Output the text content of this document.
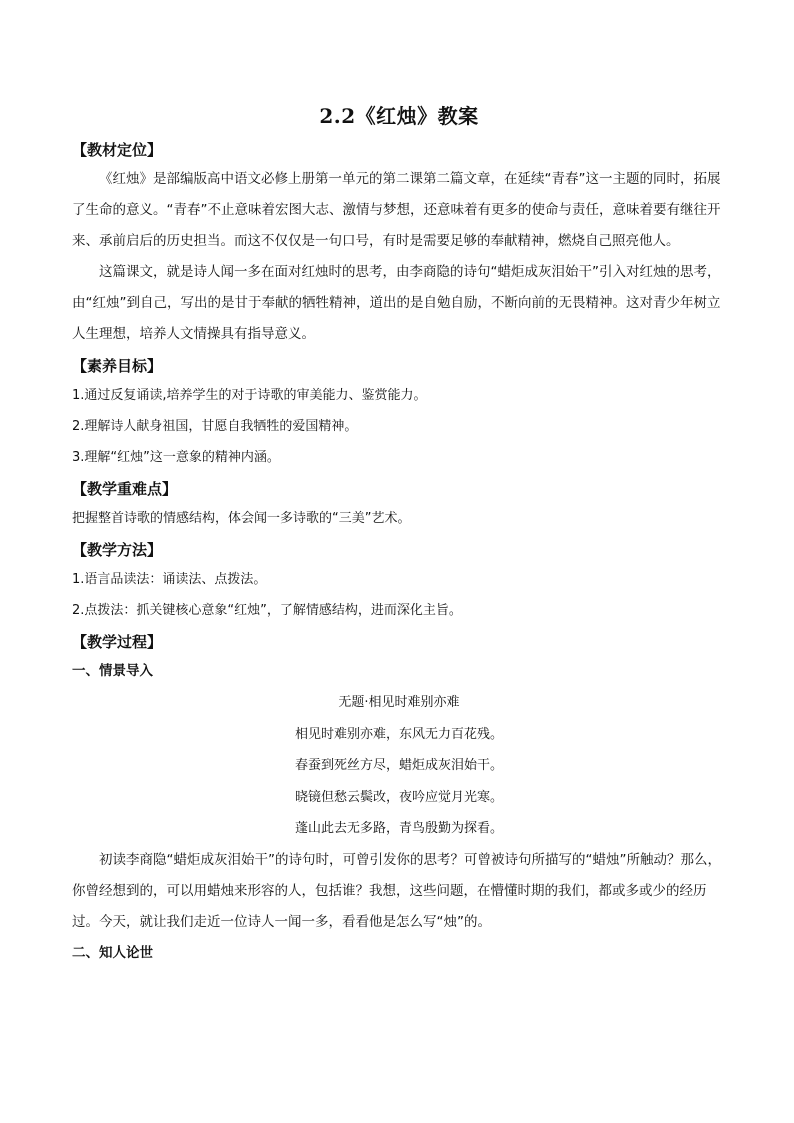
2.2《红烛》教案
【教材定位】

《红烛》是部编版高中语文必修上册第一单元的第二课第二篇文章，在延续“青春”这一主题的同时，拓展了生命的意义。“青春”不止意味着宏图大志、激情与梦想，还意味着有更多的使命与责任，意味着要有继往开来、承前启后的历史担当。而这不仅仅是一句口号，有时是需要足够的奉献精神，燃烧自己照亮他人。

这篇课文，就是诗人闻一多在面对红烛时的思考，由李商隐的诗句“蜡炬成灰泪始干”引入对红烛的思考，由“红烛”到自己，写出的是甘于奉献的牺牲精神，道出的是自勉自励，不断向前的无畏精神。这对青少年树立人生理想，培养人文情操具有指导意义。

【素养目标】

1.通过反复诵读,培养学生的对于诗歌的审美能力、鉴赏能力。

2.理解诗人献身祖国，甘愿自我牺牲的爱国精神。

3.理解“红烛”这一意象的精神内涵。

【教学重难点】

把握整首诗歌的情感结构，体会闻一多诗歌的“三美”艺术。

【教学方法】

1.语言品读法：诵读法、点拨法。

2.点拨法：抓关键核心意象“红烛”，了解情感结构，进而深化主旨。

【教学过程】
一、情景导入

无题·相见时难别亦难

相见时难别亦难，东风无力百花残。

春蚕到死丝方尽，蜡炬成灰泪始干。

晓镜但愁云鬓改，夜吟应觉月光寒。

蓬山此去无多路，青鸟殷勤为探看。

初读李商隐“蜡炬成灰泪始干”的诗句时，可曾引发你的思考？可曾被诗句所描写的“蜡烛”所触动？那么，你曾经想到的，可以用蜡烛来形容的人，包括谁？我想，这些问题，在懵懂时期的我们，都或多或少的经历过。今天，就让我们走近一位诗人一闻一多，看看他是怎么写“烛”的。

二、知人论世
